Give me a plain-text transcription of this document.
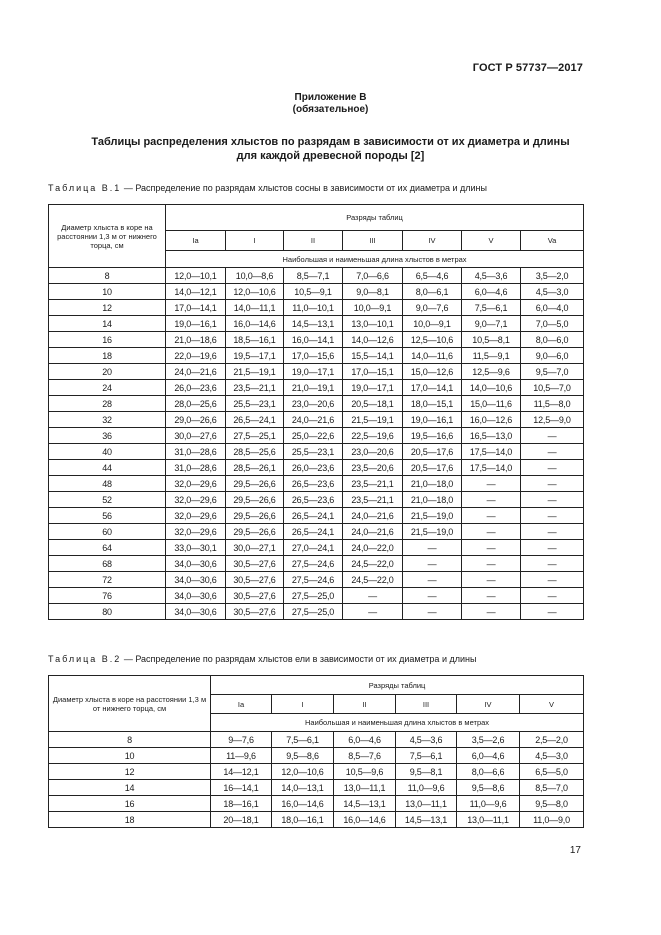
ГОСТ Р 57737—2017
Приложение В
(обязательное)
Таблицы распределения хлыстов по разрядам в зависимости от их диаметра и длины
для каждой древесной породы [2]
Таблица В.1 — Распределение по разрядам хлыстов сосны в зависимости от их диаметра и длины
Диаметр хлыста в коре на расстоянии 1,3 м от нижнего торца, см	Разряды таблиц						
	Ia	I	II	III	IV	V	Va
	Наибольшая и наименьшая длина хлыстов в метрах						
8	12,0—10,1	10,0—8,6	8,5—7,1	7,0—6,6	6,5—4,6	4,5—3,6	3,5—2,0
10	14,0—12,1	12,0—10,6	10,5—9,1	9,0—8,1	8,0—6,1	6,0—4,6	4,5—3,0
12	17,0—14,1	14,0—11,1	11,0—10,1	10,0—9,1	9,0—7,6	7,5—6,1	6,0—4,0
14	19,0—16,1	16,0—14,6	14,5—13,1	13,0—10,1	10,0—9,1	9,0—7,1	7,0—5,0
16	21,0—18,6	18,5—16,1	16,0—14,1	14,0—12,6	12,5—10,6	10,5—8,1	8,0—6,0
18	22,0—19,6	19,5—17,1	17,0—15,6	15,5—14,1	14,0—11,6	11,5—9,1	9,0—6,0
20	24,0—21,6	21,5—19,1	19,0—17,1	17,0—15,1	15,0—12,6	12,5—9,6	9,5—7,0
24	26,0—23,6	23,5—21,1	21,0—19,1	19,0—17,1	17,0—14,1	14,0—10,6	10,5—7,0
28	28,0—25,6	25,5—23,1	23,0—20,6	20,5—18,1	18,0—15,1	15,0—11,6	11,5—8,0
32	29,0—26,6	26,5—24,1	24,0—21,6	21,5—19,1	19,0—16,1	16,0—12,6	12,5—9,0
36	30,0—27,6	27,5—25,1	25,0—22,6	22,5—19,6	19,5—16,6	16,5—13,0	—
40	31,0—28,6	28,5—25,6	25,5—23,1	23,0—20,6	20,5—17,6	17,5—14,0	—
44	31,0—28,6	28,5—26,1	26,0—23,6	23,5—20,6	20,5—17,6	17,5—14,0	—
48	32,0—29,6	29,5—26,6	26,5—23,6	23,5—21,1	21,0—18,0	—	—
52	32,0—29,6	29,5—26,6	26,5—23,6	23,5—21,1	21,0—18,0	—	—
56	32,0—29,6	29,5—26,6	26,5—24,1	24,0—21,6	21,5—19,0	—	—
60	32,0—29,6	29,5—26,6	26,5—24,1	24,0—21,6	21,5—19,0	—	—
64	33,0—30,1	30,0—27,1	27,0—24,1	24,0—22,0	—	—	—
68	34,0—30,6	30,5—27,6	27,5—24,6	24,5—22,0	—	—	—
72	34,0—30,6	30,5—27,6	27,5—24,6	24,5—22,0	—	—	—
76	34,0—30,6	30,5—27,6	27,5—25,0	—	—	—	—
80	34,0—30,6	30,5—27,6	27,5—25,0	—	—	—	—
Таблица В.2 — Распределение по разрядам хлыстов ели в зависимости от их диаметра и длины
Диаметр хлыста в коре на расстоянии 1,3 м от нижнего торца, см	Разряды таблиц					
	Ia	I	II	III	IV	V
	Наибольшая и наименьшая длина хлыстов в метрах					
8	9—7,6	7,5—6,1	6,0—4,6	4,5—3,6	3,5—2,6	2,5—2,0
10	11—9,6	9,5—8,6	8,5—7,6	7,5—6,1	6,0—4,6	4,5—3,0
12	14—12,1	12,0—10,6	10,5—9,6	9,5—8,1	8,0—6,6	6,5—5,0
14	16—14,1	14,0—13,1	13,0—11,1	11,0—9,6	9,5—8,6	8,5—7,0
16	18—16,1	16,0—14,6	14,5—13,1	13,0—11,1	11,0—9,6	9,5—8,0
18	20—18,1	18,0—16,1	16,0—14,6	14,5—13,1	13,0—11,1	11,0—9,0
17
